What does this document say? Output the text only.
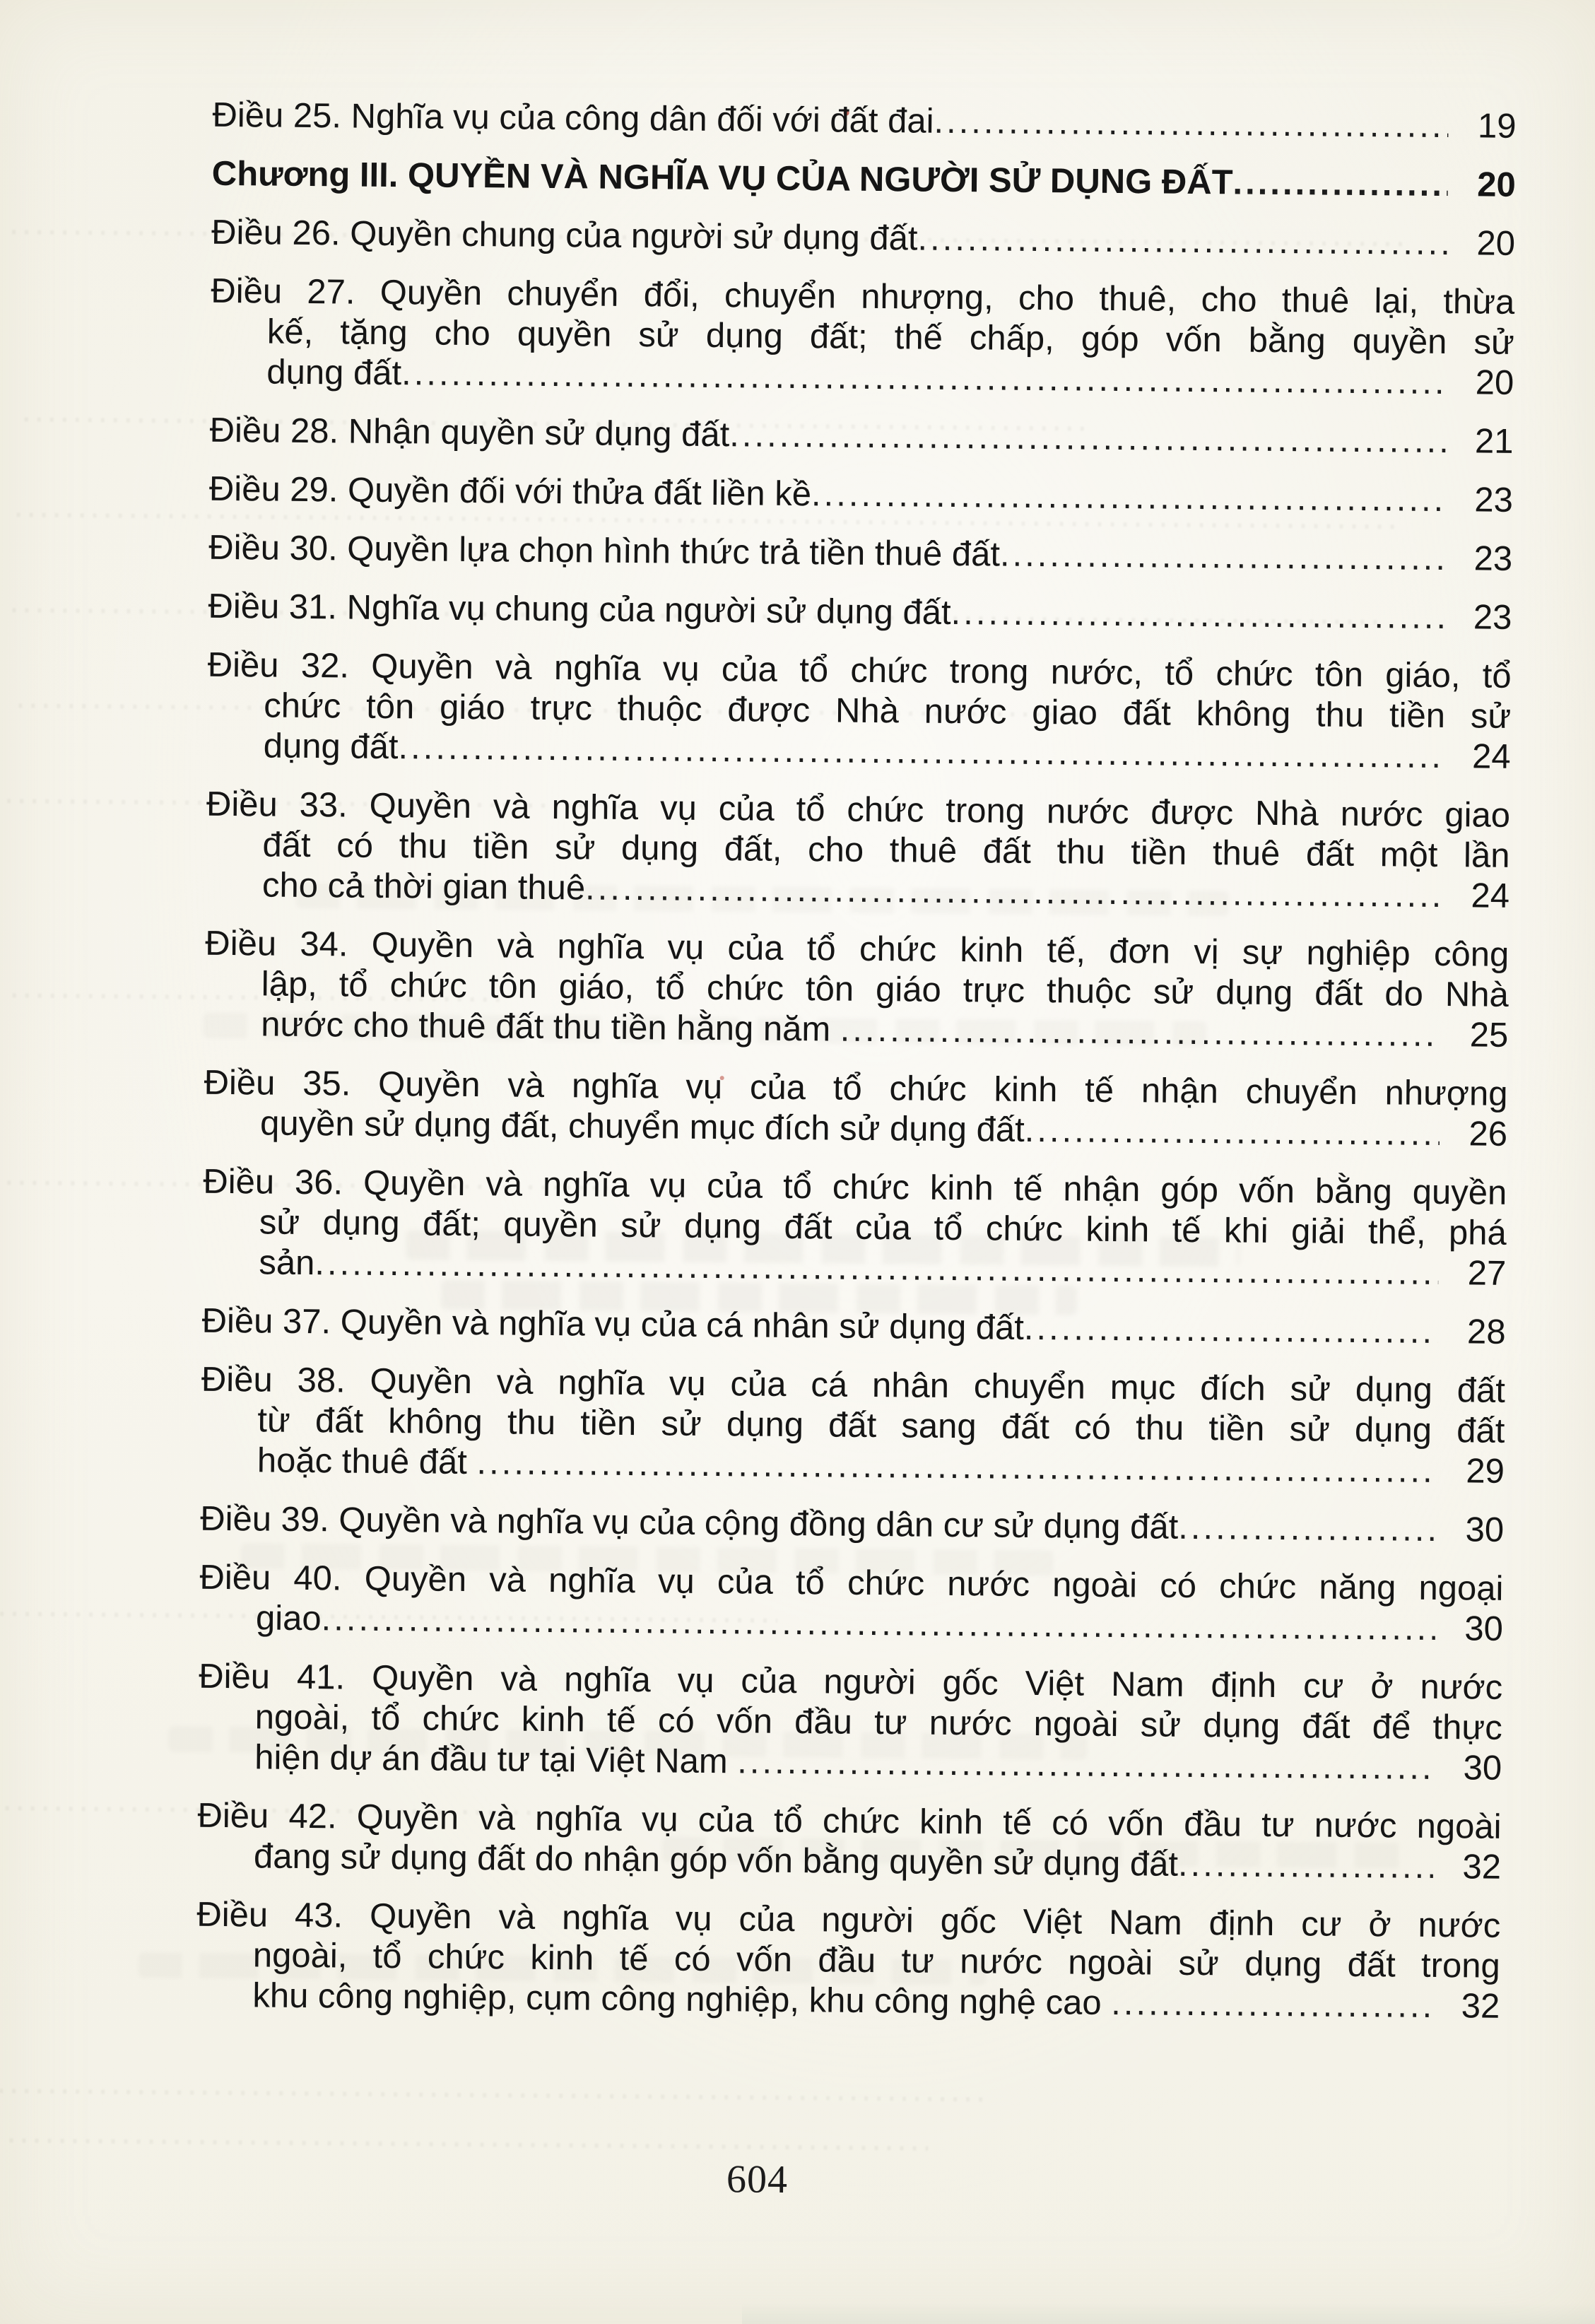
Điều 25. Nghĩa vụ của công dân đối với đất đai .....	19
Chương III. QUYỀN VÀ NGHĨA VỤ CỦA NGƯỜI SỬ DỤNG ĐẤT .....	20
Điều 26. Quyền chung của người sử dụng đất .....	20
Điều 27. Quyền chuyển đổi, chuyển nhượng, cho thuê, cho thuê lại, thừa
kế, tặng cho quyền sử dụng đất; thế chấp, góp vốn bằng quyền sử
dụng đất .....	20
Điều 28. Nhận quyền sử dụng đất .....	21
Điều 29. Quyền đối với thửa đất liền kề .....	23
Điều 30. Quyền lựa chọn hình thức trả tiền thuê đất .....	23
Điều 31. Nghĩa vụ chung của người sử dụng đất .....	23
Điều 32. Quyền và nghĩa vụ của tổ chức trong nước, tổ chức tôn giáo, tổ
chức tôn giáo trực thuộc được Nhà nước giao đất không thu tiền sử
dụng đất .....	24
Điều 33. Quyền và nghĩa vụ của tổ chức trong nước được Nhà nước giao
đất có thu tiền sử dụng đất, cho thuê đất thu tiền thuê đất một lần
cho cả thời gian thuê .....	24
Điều 34. Quyền và nghĩa vụ của tổ chức kinh tế, đơn vị sự nghiệp công
lập, tổ chức tôn giáo, tổ chức tôn giáo trực thuộc sử dụng đất do Nhà
nước cho thuê đất thu tiền hằng năm .....	25
Điều 35. Quyền và nghĩa vụ của tổ chức kinh tế nhận chuyển nhượng
quyền sử dụng đất, chuyển mục đích sử dụng đất .....	26
Điều 36. Quyền và nghĩa vụ của tổ chức kinh tế nhận góp vốn bằng quyền
sử dụng đất; quyền sử dụng đất của tổ chức kinh tế khi giải thể, phá
sản .....	27
Điều 37. Quyền và nghĩa vụ của cá nhân sử dụng đất .....	28
Điều 38. Quyền và nghĩa vụ của cá nhân chuyển mục đích sử dụng đất
từ đất không thu tiền sử dụng đất sang đất có thu tiền sử dụng đất
hoặc thuê đất .....	29
Điều 39. Quyền và nghĩa vụ của cộng đồng dân cư sử dụng đất .....	30
Điều 40. Quyền và nghĩa vụ của tổ chức nước ngoài có chức năng ngoại
giao .....	30
Điều 41. Quyền và nghĩa vụ của người gốc Việt Nam định cư ở nước
ngoài, tổ chức kinh tế có vốn đầu tư nước ngoài sử dụng đất để thực
hiện dự án đầu tư tại Việt Nam .....	30
Điều 42. Quyền và nghĩa vụ của tổ chức kinh tế có vốn đầu tư nước ngoài
đang sử dụng đất do nhận góp vốn bằng quyền sử dụng đất .....	32
Điều 43. Quyền và nghĩa vụ của người gốc Việt Nam định cư ở nước
ngoài, tổ chức kinh tế có vốn đầu tư nước ngoài sử dụng đất trong
khu công nghiệp, cụm công nghiệp, khu công nghệ cao .....	32
604
